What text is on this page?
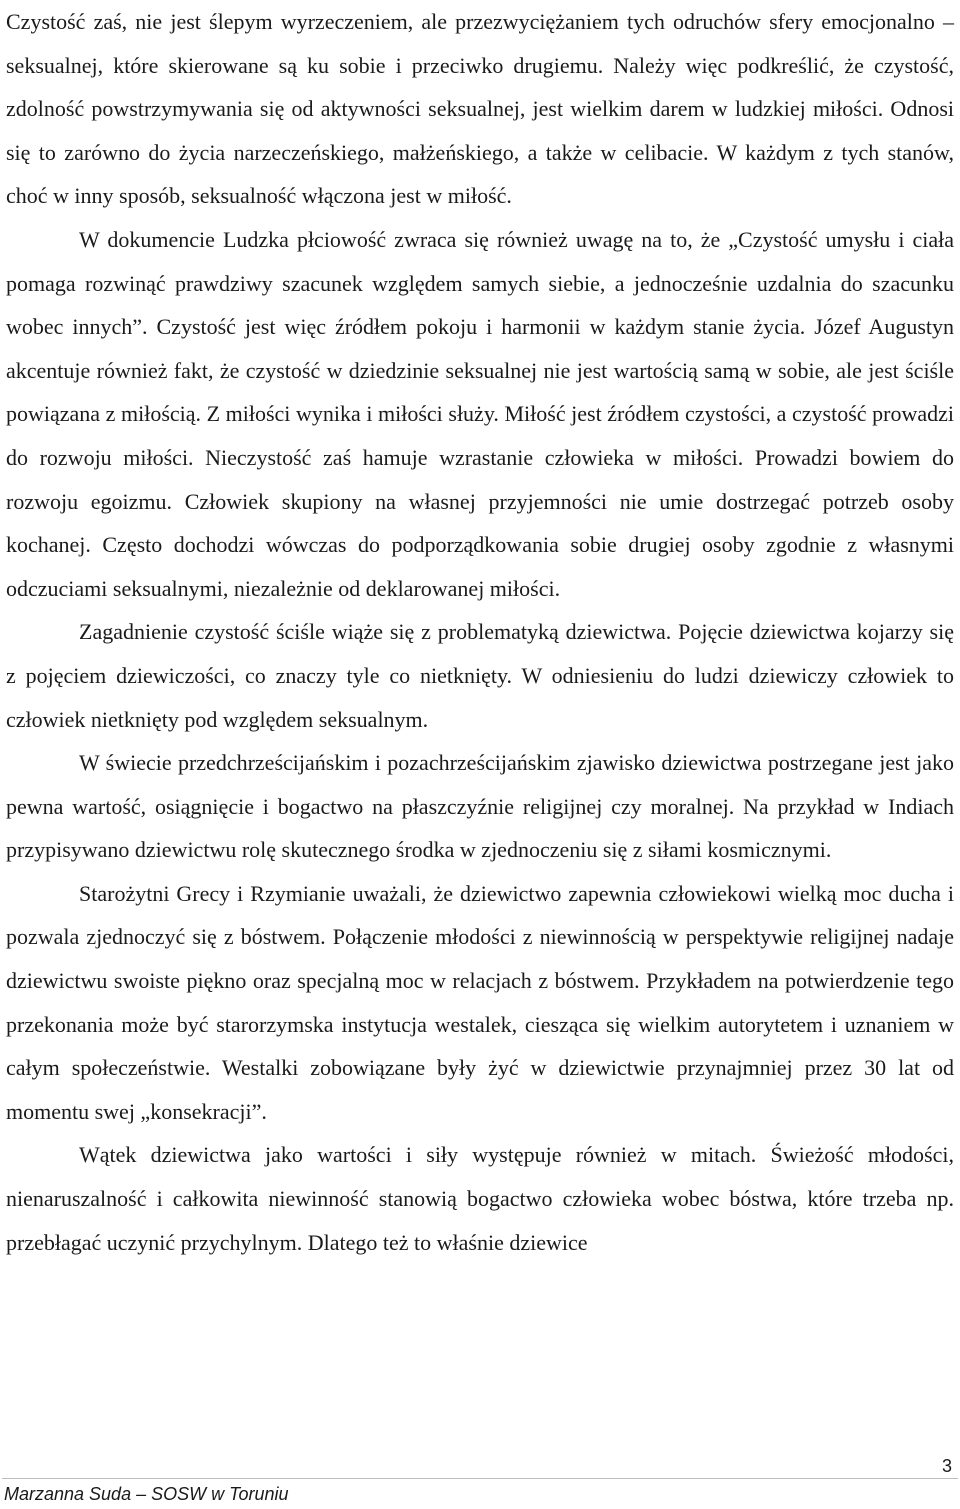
Czystość zaś, nie jest ślepym wyrzeczeniem, ale przezwyciężaniem tych odruchów sfery emocjonalno – seksualnej, które skierowane są ku sobie i przeciwko drugiemu. Należy więc podkreślić, że czystość, zdolność powstrzymywania się od aktywności seksualnej, jest wielkim darem w ludzkiej miłości. Odnosi się to zarówno do życia narzeczeńskiego, małżeńskiego, a także w celibacie. W każdym z tych stanów, choć w inny sposób, seksualność włączona jest w miłość.

W dokumencie Ludzka płciowość zwraca się również uwagę na to, że „Czystość umysłu i ciała pomaga rozwinąć prawdziwy szacunek względem samych siebie, a jednocześnie uzdalnia do szacunku wobec innych”. Czystość jest więc źródłem pokoju i harmonii w każdym stanie życia. Józef Augustyn akcentuje również fakt, że czystość w dziedzinie seksualnej nie jest wartością samą w sobie, ale jest ściśle powiązana z miłością. Z miłości wynika i miłości służy. Miłość jest źródłem czystości, a czystość prowadzi do rozwoju miłości. Nieczystość zaś hamuje wzrastanie człowieka w miłości. Prowadzi bowiem do rozwoju egoizmu. Człowiek skupiony na własnej przyjemności nie umie dostrzegać potrzeb osoby kochanej. Często dochodzi wówczas do podporządkowania sobie drugiej osoby zgodnie z własnymi odczuciami seksualnymi, niezależnie od deklarowanej miłości.

Zagadnienie czystość ściśle wiąże się z problematyką dziewictwa. Pojęcie dziewictwa kojarzy się z pojęciem dziewiczości, co znaczy tyle co nietknięty. W odniesieniu do ludzi dziewiczy człowiek to człowiek nietknięty pod względem seksualnym.

W świecie przedchrześcijańskim i pozachrześcijańskim zjawisko dziewictwa postrzegane jest jako pewna wartość, osiągnięcie i bogactwo na płaszczyźnie religijnej czy moralnej. Na przykład w Indiach przypisywano dziewictwu rolę skutecznego środka w zjednoczeniu się z siłami kosmicznymi.

Starożytni Grecy i Rzymianie uważali, że dziewictwo zapewnia człowiekowi wielką moc ducha i pozwala zjednoczyć się z bóstwem. Połączenie młodości z niewinnością w perspektywie religijnej nadaje dziewictwu swoiste piękno oraz specjalną moc w relacjach z bóstwem. Przykładem na potwierdzenie tego przekonania może być starorzymska instytucja westalek, ciesząca się wielkim autorytetem i uznaniem w całym społeczeństwie. Westalki zobowiązane były żyć w dziewictwie przynajmniej przez 30 lat od momentu swej „konsekracji”.

Wątek dziewictwa jako wartości i siły występuje również w mitach. Świeżość młodości, nienaruszalność i całkowita niewinność stanowią bogactwo człowieka wobec bóstwa, które trzeba np. przebłagać uczynić przychylnym. Dlatego też to właśnie dziewice

3
Marzanna Suda – SOSW w Toruniu
